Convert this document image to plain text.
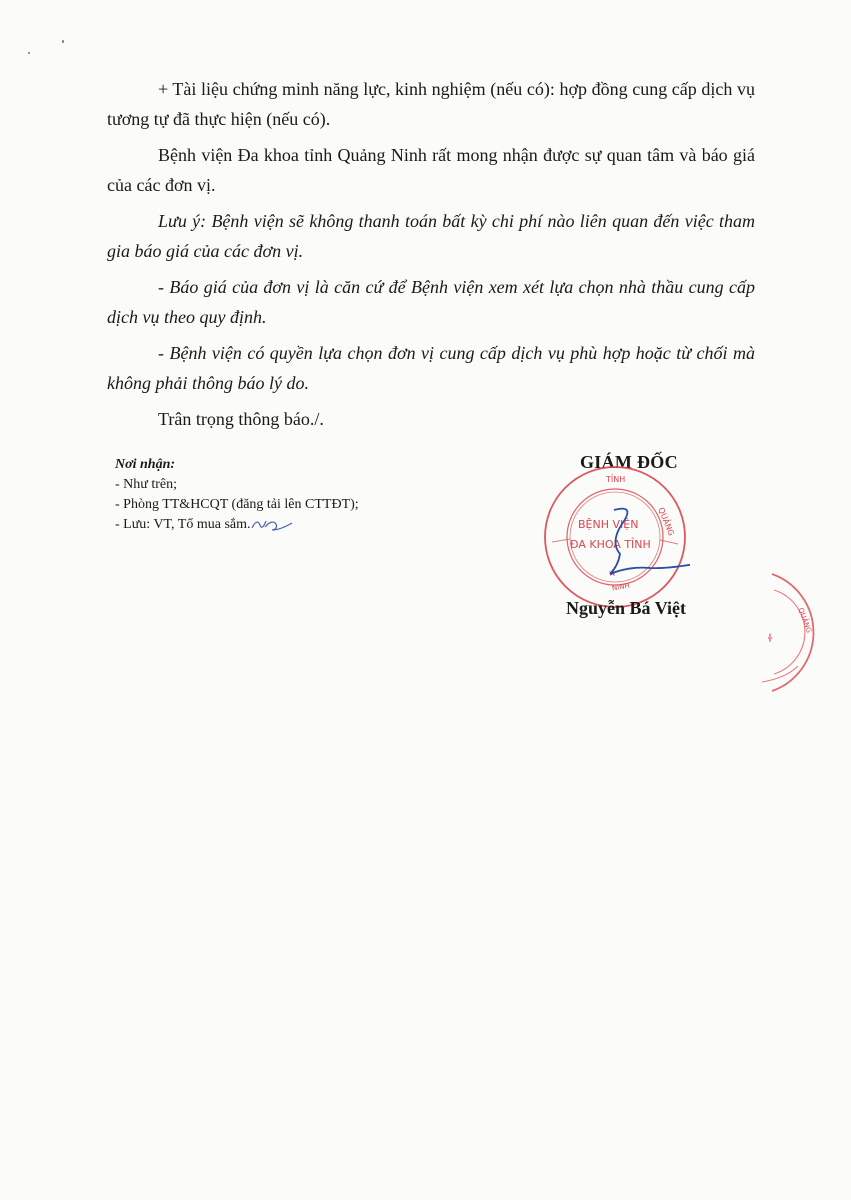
+ Tài liệu chứng minh năng lực, kinh nghiệm (nếu có): hợp đồng cung cấp dịch vụ tương tự đã thực hiện (nếu có).

Bệnh viện Đa khoa tỉnh Quảng Ninh rất mong nhận được sự quan tâm và báo giá của các đơn vị.

Lưu ý: Bệnh viện sẽ không thanh toán bất kỳ chi phí nào liên quan đến việc tham gia báo giá của các đơn vị.

- Báo giá của đơn vị là căn cứ để Bệnh viện xem xét lựa chọn nhà thầu cung cấp dịch vụ theo quy định.

- Bệnh viện có quyền lựa chọn đơn vị cung cấp dịch vụ phù hợp hoặc từ chối mà không phải thông báo lý do.

Trân trọng thông báo./.

Nơi nhận:
- Như trên;
- Phòng TT&HCQT (đăng tải lên CTTĐT);
- Lưu: VT, Tổ mua sắm.
GIÁM ĐỐC
TỈNH
QUẢNG
NINH
BỆNH VIỆN
ĐA KHOA TỈNH
★
Nguyễn Bá Việt	QUẢNG
╬
